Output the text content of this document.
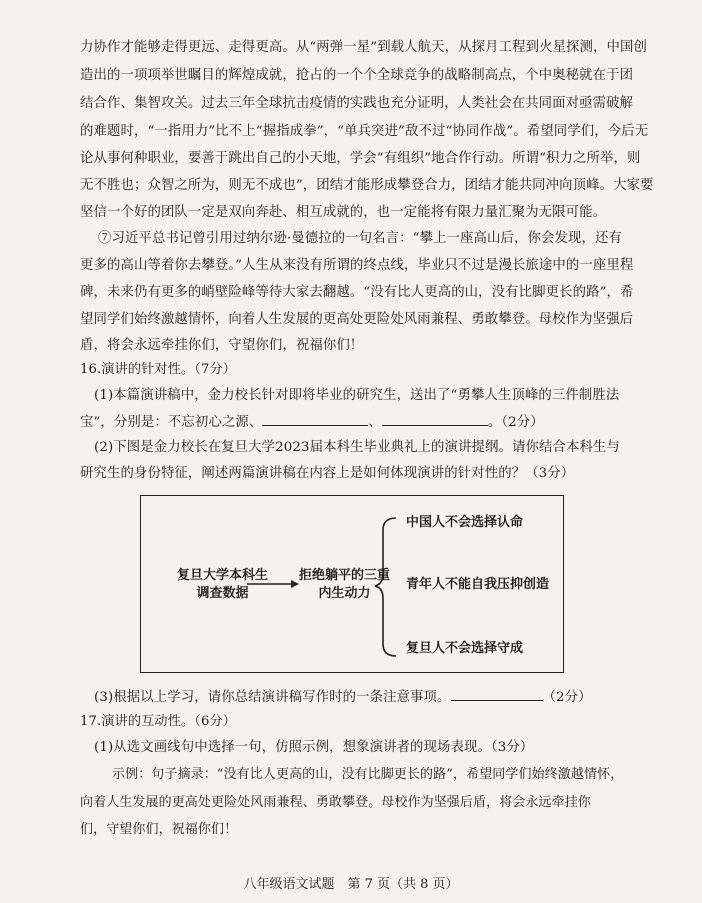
力协作才能够走得更远、走得更高。从“两弹一星”到载人航天，从探月工程到火星探测，中国创
造出的一项项举世瞩目的辉煌成就，抢占的一个个全球竞争的战略制高点，个中奥秘就在于团
结合作、集智攻关。过去三年全球抗击疫情的实践也充分证明，人类社会在共同面对亟需破解
的难题时，“一指用力”比不上“握指成拳”，“单兵突进”敌不过“协同作战”。希望同学们，今后无
论从事何种职业，要善于跳出自己的小天地，学会“有组织”地合作行动。所谓“积力之所举，则
无不胜也；众智之所为，则无不成也”，团结才能形成攀登合力，团结才能共同冲向顶峰。大家要
坚信一个好的团队一定是双向奔赴、相互成就的，也一定能将有限力量汇聚为无限可能。
⑦习近平总书记曾引用过纳尔逊·曼德拉的一句名言：“攀上一座高山后，你会发现，还有
更多的高山等着你去攀登。”人生从来没有所谓的终点线，毕业只不过是漫长旅途中的一座里程
碑，未来仍有更多的峭壁险峰等待大家去翻越。“没有比人更高的山，没有比脚更长的路”，希
望同学们始终激越情怀，向着人生发展的更高处更险处风雨兼程、勇敢攀登。母校作为坚强后
盾，将会永远牵挂你们，守望你们，祝福你们！
16.演讲的针对性。（7分）
(1)本篇演讲稿中，金力校长针对即将毕业的研究生，送出了“勇攀人生顶峰的三件制胜法
宝”，分别是：不忘初心之源、	、	。（2分）
(2)下图是金力校长在复旦大学2023届本科生毕业典礼上的演讲提纲。请你结合本科生与
研究生的身份特征，阐述两篇演讲稿在内容上是如何体现演讲的针对性的？（3分）
复旦大学本科生
调查数据
拒绝躺平的三重
内生动力
中国人不会选择认命
青年人不能自我压抑创造
复旦人不会选择守成
(3)根据以上学习，请你总结演讲稿写作时的一条注意事项。	（2分）
17.演讲的互动性。（6分）
(1)从选文画线句中选择一句，仿照示例，想象演讲者的现场表现。（3分）
示例：句子摘录：“没有比人更高的山，没有比脚更长的路”，希望同学们始终激越情怀，
向着人生发展的更高处更险处风雨兼程、勇敢攀登。母校作为坚强后盾，将会永远牵挂你
们，守望你们，祝福你们！
八年级语文试题　第 7 页（共 8 页）
